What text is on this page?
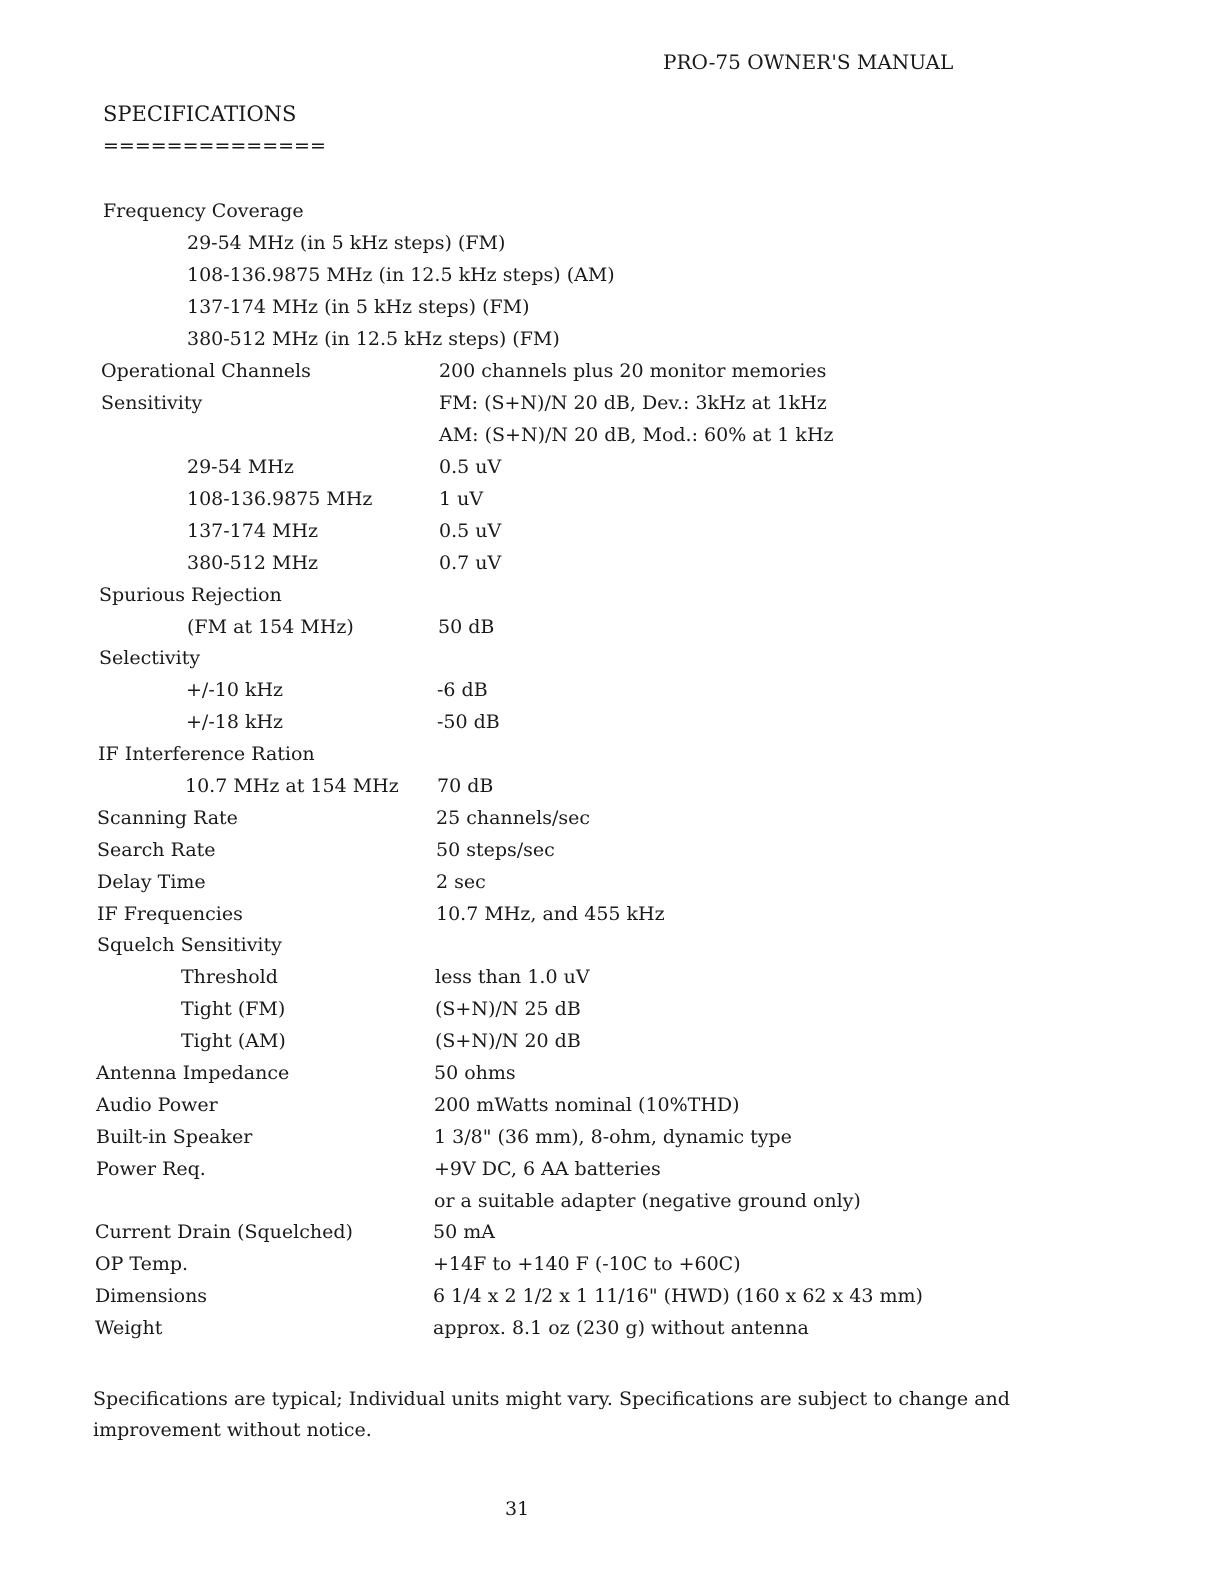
PRO-75 OWNER'S MANUAL
SPECIFICATIONS
==============
Frequency Coverage
29-54 MHz (in 5 kHz steps) (FM)
108-136.9875 MHz (in 12.5 kHz steps) (AM)
137-174 MHz (in 5 kHz steps) (FM)
380-512 MHz (in 12.5 kHz steps) (FM)
Operational Channels	200 channels plus 20 monitor memories
Sensitivity	FM: (S+N)/N 20 dB, Dev.: 3kHz at 1kHz
AM: (S+N)/N 20 dB, Mod.: 60% at 1 kHz
29-54 MHz	0.5 uV
108-136.9875 MHz	1 uV
137-174 MHz	0.5 uV
380-512 MHz	0.7 uV
Spurious Rejection
(FM at 154 MHz)	50 dB
Selectivity
+/-10 kHz	-6 dB
+/-18 kHz	-50 dB
IF Interference Ration
10.7 MHz at 154 MHz 70 dB
Scanning Rate	25 channels/sec
Search Rate	50 steps/sec
Delay Time	2 sec
IF Frequencies	10.7 MHz, and 455 kHz
Squelch Sensitivity
Threshold	less than 1.0 uV
Tight (FM)	(S+N)/N 25 dB
Tight (AM)	(S+N)/N 20 dB
Antenna Impedance	50 ohms
Audio Power	200 mWatts nominal (10%THD)
Built-in Speaker	1 3/8" (36 mm), 8-ohm, dynamic type
Power Req.	+9V DC, 6 AA batteries
or a suitable adapter (negative ground only)
Current Drain (Squelched)	50 mA
OP Temp.	+14F to +140 F (-10C to +60C)
Dimensions	6 1/4 x 2 1/2 x 1 11/16" (HWD) (160 x 62 x 43 mm)
Weight	approx. 8.1 oz (230 g) without antenna
Specifications are typical; Individual units might vary. Specifications are subject to change and improvement without notice.
31
